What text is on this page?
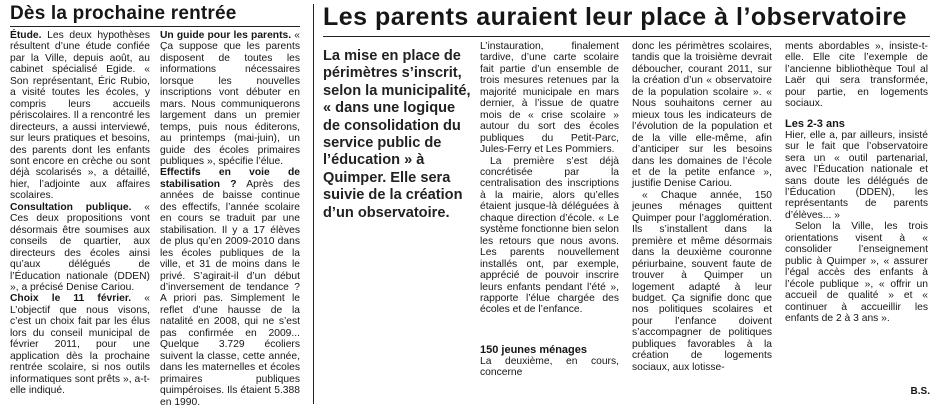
Dès la prochaine rentrée

Étude. Les deux hypothèses résultent d’une étude confiée par la Ville, depuis août, au cabinet spécialisé Egide. « Son représentant, Éric Rubio, a visité toutes les écoles, y compris leurs accueils périscolaires. Il a rencontré les directeurs, a aussi interviewé, sur leurs pratiques et besoins, des parents dont les enfants sont encore en crèche ou sont déjà scolarisés », a détaillé, hier, l’adjointe aux affaires scolaires.

Consultation publique. « Ces deux propositions vont désormais être soumises aux conseils de quartier, aux directeurs des écoles ainsi qu’aux délégués de l’Éducation nationale (DDEN) », a précisé Denise Cariou.

Choix le 11 février. « L’objectif que nous visons, c’est un choix fait par les élus lors du conseil municipal de février 2011, pour une application dès la prochaine rentrée scolaire, si nos outils informatiques sont prêts », a-t-elle indiqué.

Un guide pour les parents. « Ça suppose que les parents disposent de toutes les informations nécessaires lorsque les nouvelles inscriptions vont débuter en mars. Nous communiquerons largement dans un premier temps, puis nous éditerons, au printemps (mai-juin), un guide des écoles primaires publiques », spécifie l’élue.

Effectifs en voie de stabilisation ? Après des années de baisse continue des effectifs, l’année scolaire en cours se traduit par une stabilisation. Il y a 17 élèves de plus qu’en 2009-2010 dans les écoles publiques de la ville, et 31 de moins dans le privé. S’agirait-il d’un début d’inversement de tendance ? A priori pas. Simplement le reflet d’une hausse de la natalité en 2008, qui ne s’est pas confirmée en 2009... Quelque 3.729 écoliers suivent la classe, cette année, dans les maternelles et écoles primaires publiques quimpéroises. Ils étaient 5.388 en 1990.

Les parents auraient leur place à l’observatoire

La mise en place de périmètres s’inscrit, selon la municipalité, « dans une logique de consolidation du service public de l’éducation » à Quimper. Elle sera suivie de la création d’un observatoire.

L’instauration, finalement tardive, d’une carte scolaire fait partie d’un ensemble de trois mesures retenues par la majorité municipale en mars dernier, à l’issue de quatre mois de « crise scolaire » autour du sort des écoles publiques du Petit-Parc, Jules-Ferry et Les Pommiers.

La première s’est déjà concrétisée par la centralisation des inscriptions à la mairie, alors qu’elles étaient jusque-là déléguées à chaque direction d’école. « Le système fonctionne bien selon les retours que nous avons. Les parents nouvellement installés ont, par exemple, apprécié de pouvoir inscrire leurs enfants pendant l’été », rapporte l’élue chargée des écoles et de l’enfance.

150 jeunes ménages

La deuxième, en cours, concerne

donc les périmètres scolaires, tandis que la troisième devrait déboucher, courant 2011, sur la création d’un « observatoire de la population scolaire ». « Nous souhaitons cerner au mieux tous les indicateurs de l’évolution de la population et de la ville elle-même, afin d’anticiper sur les besoins dans les domaines de l’école et de la petite enfance », justifie Denise Cariou.

« Chaque année, 150 jeunes ménages quittent Quimper pour l’agglomération. Ils s’installent dans la première et même désormais dans la deuxième couronne périurbaine, souvent faute de trouver à Quimper un logement adapté à leur budget. Ça signifie donc que nos politiques scolaires et pour l’enfance doivent s’accompagner de politiques publiques favorables à la création de logements sociaux, aux lotisse-

ments abordables », insiste-t-elle. Elle cite l’exemple de l’ancienne bibliothèque Toul al Laër qui sera transformée, pour partie, en logements sociaux.

Les 2-3 ans

Hier, elle a, par ailleurs, insisté sur le fait que l’observatoire sera un « outil partenarial, avec l’Éducation nationale et sans doute les délégués de l’Éducation (DDEN), les représentants de parents d’élèves... »

Selon la Ville, les trois orientations visent à « consolider l’enseignement public à Quimper », « assurer l’égal accès des enfants à l’école publique », « offrir un accueil de qualité » et « continuer à accueillir les enfants de 2 à 3 ans ».

B.S.
